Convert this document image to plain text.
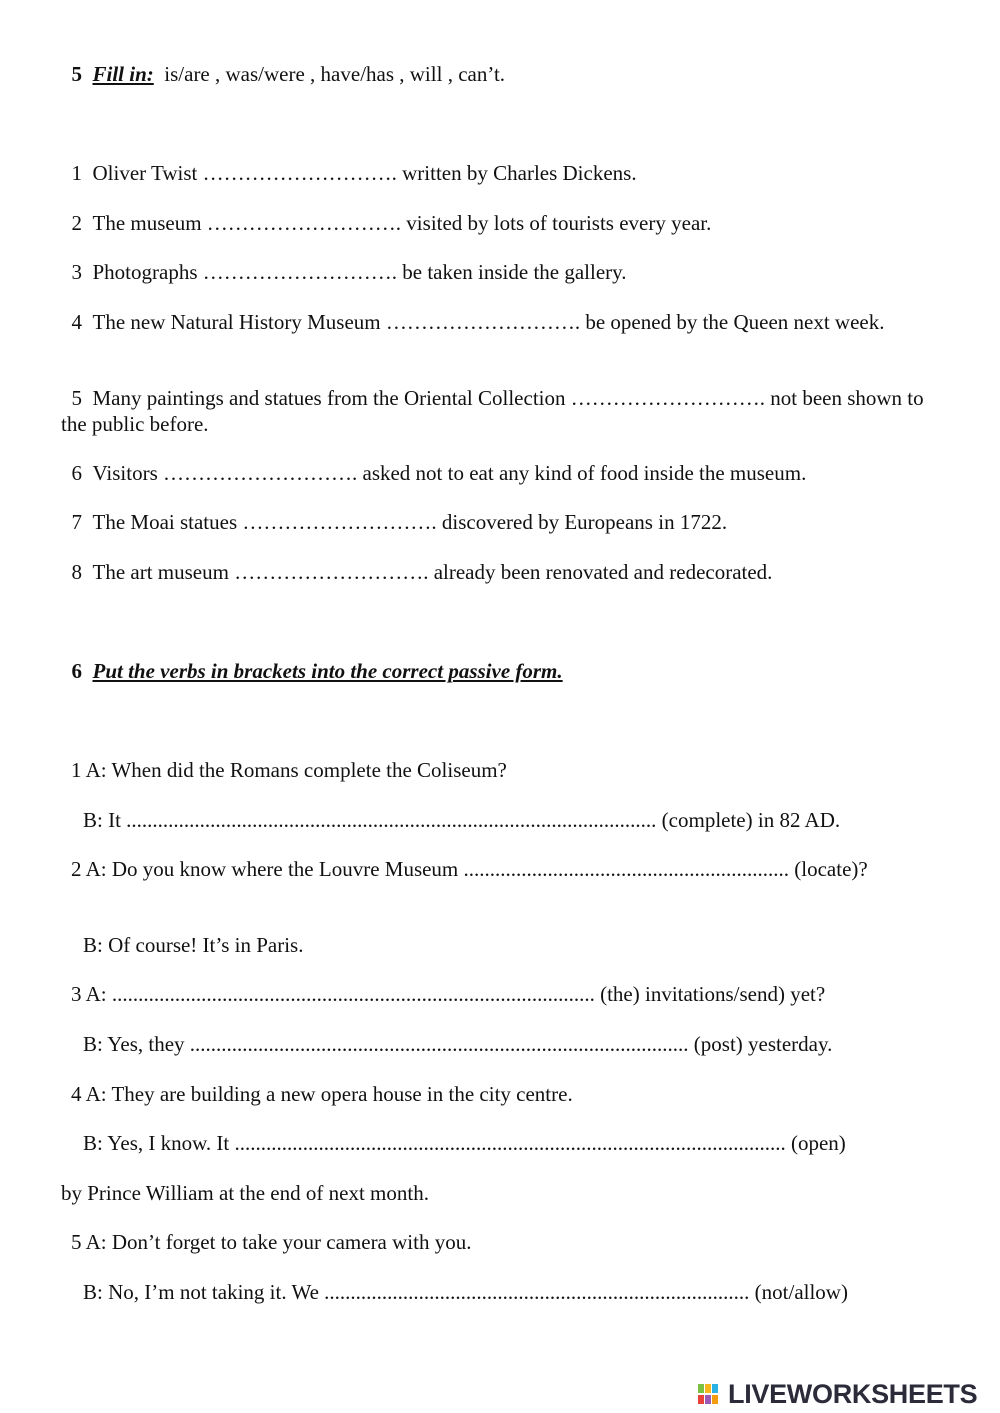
5 Fill in: is/are , was/were , have/has , will , can’t.
1 Oliver Twist ………………………. written by Charles Dickens.
2 The museum ………………………. visited by lots of tourists every year.
3 Photographs ………………………. be taken inside the gallery.
4 The new Natural History Museum ………………………. be opened by the Queen next week.
5 Many paintings and statues from the Oriental Collection ………………………. not been shown to the public before.
6 Visitors ………………………. asked not to eat any kind of food inside the museum.
7 The Moai statues ………………………. discovered by Europeans in 1722.
8 The art museum ………………………. already been renovated and redecorated.
6 Put the verbs in brackets into the correct passive form.
1 A: When did the Romans complete the Coliseum?
B: It ..................................................................................................... (complete) in 82 AD.
2 A: Do you know where the Louvre Museum .............................................................. (locate)?
B: Of course! It’s in Paris.
3 A: ............................................................................................ (the) invitations/send) yet?
B: Yes, they ............................................................................................... (post) yesterday.
4 A: They are building a new opera house in the city centre.
B: Yes, I know. It ......................................................................................................... (open)
by Prince William at the end of next month.
5 A: Don’t forget to take your camera with you.
B: No, I’m not taking it. We ................................................................................. (not/allow)
LIVEWORKSHEETS
